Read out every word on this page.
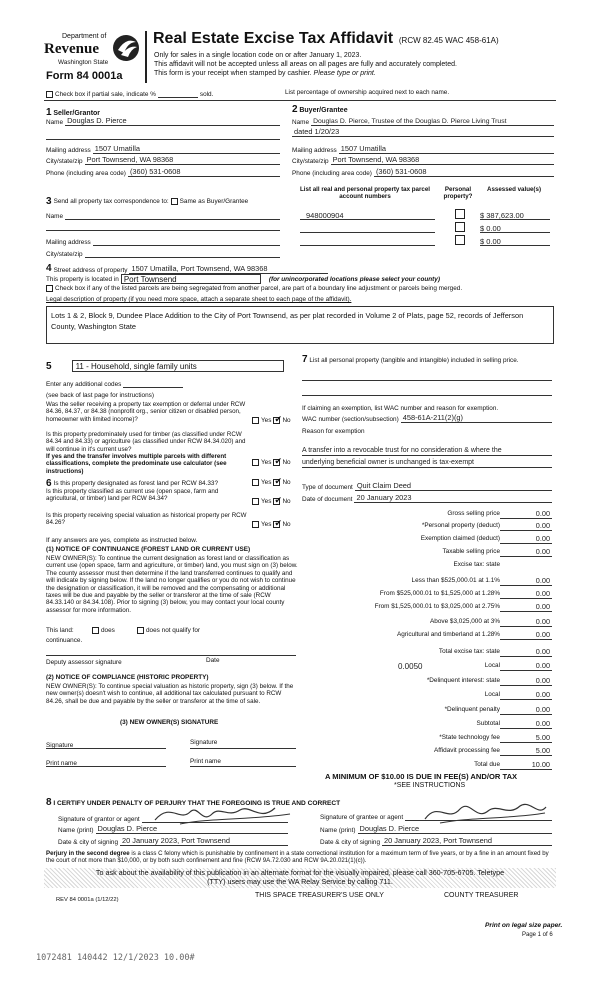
Department of
Revenue
Washington State
Form 84 0001a
Real Estate Excise Tax Affidavit (RCW 82.45 WAC 458-61A)
Only for sales in a single location code on or after January 1, 2023.
This affidavit will not be accepted unless all areas on all pages are fully and accurately completed.
This form is your receipt when stamped by cashier. Please type or print.
Check box if partial sale, indicate %	sold.	List percentage of ownership acquired next to each name.
1 Seller/Grantor
Name Douglas D. Pierce
Mailing address 1507 Umatilla
City/state/zip Port Townsend, WA 98368
Phone (including area code) (360) 531-0608
2 Buyer/Grantee
Name Douglas D. Pierce, Trustee of the Douglas D. Pierce Living Trust
dated 1/20/23
Mailing address 1507 Umatilla
City/state/zip Port Townsend, WA 98368
Phone (including area code) (360) 531-0608
3 Send all property tax correspondence to: Same as Buyer/Grantee
Name
Mailing address
City/state/zip
List all real and personal property tax parcel account numbers
Personal property?
Assessed value(s)
948000904	$ 387,623.00
$ 0.00
$ 0.00
4 Street address of property 1507 Umatilla, Port Townsend, WA 98368
This property is located in Port Townsend	(for unincorporated locations please select your county)
Check box if any of the listed parcels are being segregated from another parcel, are part of a boundary line adjustment or parcels being merged.
Legal description of property (if you need more space, attach a separate sheet to each page of the affidavit).
Lots 1 & 2, Block 9, Dundee Place Addition to the City of Port Townsend, as per plat recorded in Volume 2 of Plats, page 52, records of Jefferson County, Washington State
5	11 - Household, single family units
Enter any additional codes
(see back of last page for instructions)
Was the seller receiving a property tax exemption or deferral under RCW 84.36, 84.37, or 84.38 (nonprofit org., senior citizen or disabled person, homeowner with limited income)?	Yes ✔ No
Is this property predominately used for timber (as classified under RCW 84.34 and 84.33) or agriculture (as classified under RCW 84.34.020) and will continue in it's current use?
If yes and the transfer involves multiple parcels with different classifications, complete the predominate use calculator (see instructions)
Yes ✔ No
6 Is this property designated as forest land per RCW 84.33?	Yes ✔ No
Is this property classified as current use (open space, farm and agricultural, or timber) land per RCW 84.34?	Yes ✔ No
Is this property receiving special valuation as historical property per RCW 84.26?	Yes ✔ No
If any answers are yes, complete as instructed below.
(1) NOTICE OF CONTINUANCE (FOREST LAND OR CURRENT USE)
NEW OWNER(S): To continue the current designation as forest land or classification as current use (open space, farm and agriculture, or timber) land, you must sign on (3) below. The county assessor must then determine if the land transferred continues to qualify and will indicate by signing below. If the land no longer qualifies or you do not wish to continue the designation or classification, it will be removed and the compensating or additional taxes will be due and payable by the seller or transferor at the time of sale (RCW 84.33.140 or 84.34.108). Prior to signing (3) below, you may contact your local county assessor for more information.
This land:	does	does not qualify for
continuance.
Deputy assessor signature	Date
(2) NOTICE OF COMPLIANCE (HISTORIC PROPERTY)
NEW OWNER(S): To continue special valuation as historic property, sign (3) below. If the new owner(s) doesn't wish to continue, all additional tax calculated pursuant to RCW 84.26, shall be due and payable by the seller or transferor at the time of sale.
(3) NEW OWNER(S) SIGNATURE
Signature	Signature
Print name	Print name
7 List all personal property (tangible and intangible) included in selling price.
If claiming an exemption, list WAC number and reason for exemption.
WAC number (section/subsection) 458-61A-211(2)(g)
Reason for exemption
A transfer into a revocable trust for no consideration & where the
underlying beneficial owner is unchanged is tax-exempt
Type of document Quit Claim Deed
Date of document 20 January 2023
Gross selling price	0.00
*Personal property (deduct)	0.00
Exemption claimed (deduct)	0.00
Taxable selling price	0.00
Excise tax: state
Less than $525,000.01 at 1.1%	0.00
From $525,000.01 to $1,525,000 at 1.28%	0.00
From $1,525,000.01 to $3,025,000 at 2.75%	0.00
Above $3,025,000 at 3%	0.00
Agricultural and timberland at 1.28%	0.00
Total excise tax: state	0.00
0.0050	Local	0.00
*Delinquent interest: state	0.00
Local	0.00
*Delinquent penalty	0.00
Subtotal	0.00
*State technology fee	5.00
Affidavit processing fee	5.00
Total due	10.00
A MINIMUM OF $10.00 IS DUE IN FEE(S) AND/OR TAX
*SEE INSTRUCTIONS
8 I CERTIFY UNDER PENALTY OF PERJURY THAT THE FOREGOING IS TRUE AND CORRECT
Signature of grantor or agent
Name (print) Douglas D. Pierce
Date & city of signing 20 January 2023, Port Townsend
Signature of grantee or agent
Name (print) Douglas D. Pierce
Date & city of signing 20 January 2023, Port Townsend
Perjury in the second degree is a class C felony which is punishable by confinement in a state correctional institution for a maximum term of five years, or by a fine in an amount fixed by the court of not more than $10,000, or by both such confinement and fine (RCW 9A.72.030 and RCW 9A.20.021(1)(c)).
To ask about the availability of this publication in an alternate format for the visually impaired, please call 360-705-6705. Teletype
(TTY) users may use the WA Relay Service by calling 711.
REV 84 0001a (1/12/22)
THIS SPACE TREASURER'S USE ONLY	COUNTY TREASURER
Print on legal size paper.
Page 1 of 6
1072481 140442 12/1/2023 10.00#
